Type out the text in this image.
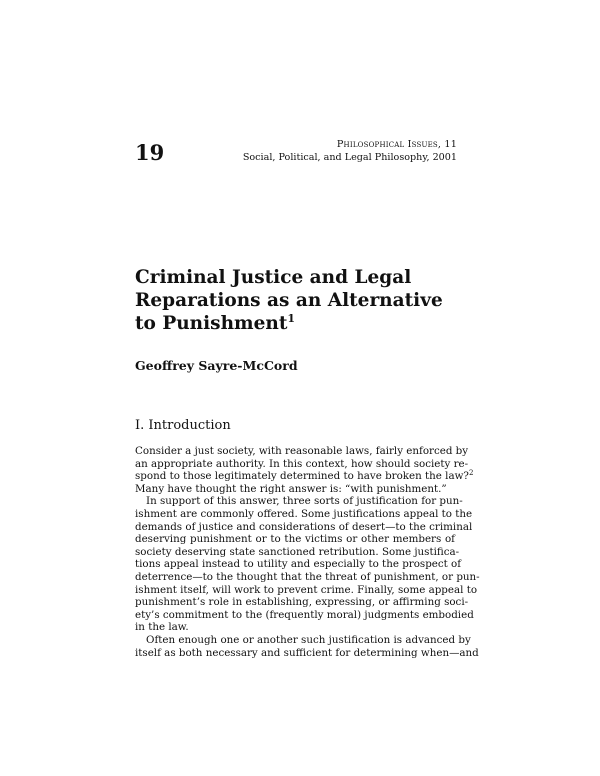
19	Philosophical Issues, 11
Social, Political, and Legal Philosophy, 2001
Criminal Justice and Legal
Reparations as an Alternative
to Punishment$^1$
Geoffrey Sayre-McCord
I. Introduction

Consider a just society, with reasonable laws, fairly enforced by
an appropriate authority. In this context, how should society re-
spond to those legitimately determined to have broken the law?$^2$
Many have thought the right answer is: “with punishment.”

In support of this answer, three sorts of justification for pun-
ishment are commonly offered. Some justifications appeal to the
demands of justice and considerations of desert—to the criminal
deserving punishment or to the victims or other members of
society deserving state sanctioned retribution. Some justifica-
tions appeal instead to utility and especially to the prospect of
deterrence—to the thought that the threat of punishment, or pun-
ishment itself, will work to prevent crime. Finally, some appeal to
punishment’s role in establishing, expressing, or affirming soci-
ety’s commitment to the (frequently moral) judgments embodied
in the law.

Often enough one or another such justification is advanced by
itself as both necessary and sufficient for determining when—and
